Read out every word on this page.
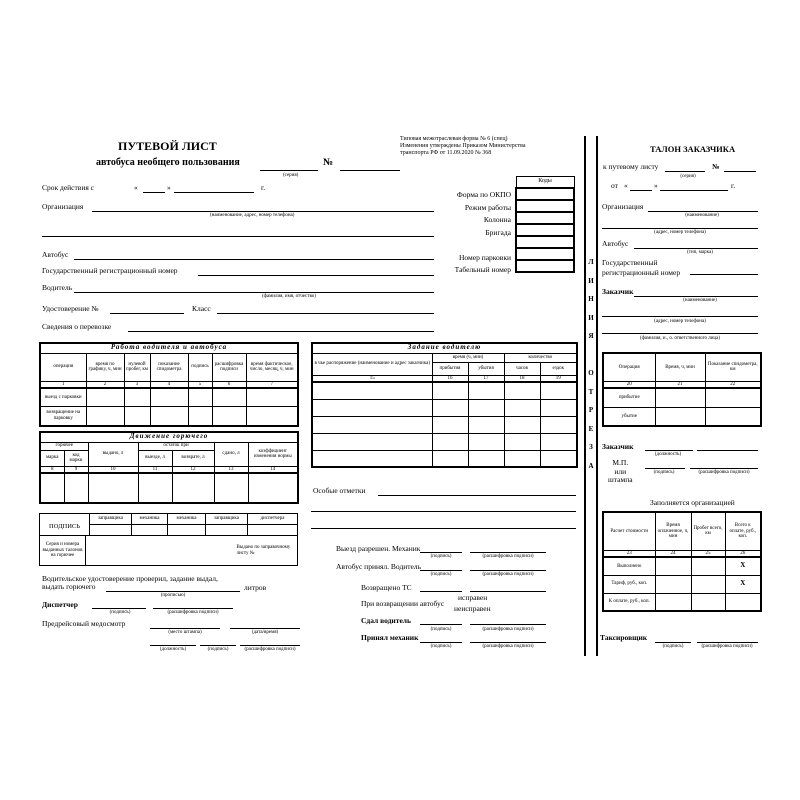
ПУТЕВОЙ ЛИСТ
автобуса необщего пользования	№
(серия)
Типовая межотраслевая форма № 6 (спец)
Изменения утверждены Приказом Министерства
транспорта РФ от 11.09.2020 № 368
Срок действия с	«	»	г.
Организация
(наименование, адрес, номер телефона)
Автобус
Государственный регистрационный номер
Водитель
(фамилия, имя, отчество)
Удостоверение №	Класс
Сведения о перевозке
Форма по ОКПО
Режим работы
Колонна
Бригада

Номер парковки
Табельный номер
Коды

Работа водителя и автобуса						
операция	время по графику, ч, мин	нулевой пробег, км	показание спидометра	подпись	расшифровка подписи	время фактическое, число, месяц, ч, мин
1	2	3	4	5	6	7
выезд с парковки						
возвращение на парковку						
Движение горючего						
горючее		выдано, л	остаток при		сдано, л	коэффициент изменения нормы
марка	код марки		выезде, л	возврате, л		
8	9	10	11	12	13	14

ПОДПИСЬ	заправщика	механика	механика	заправщика	диспетчера

Серия и номера выданных талонов на горючее		Выдано по заправочному листу №
Задание водителю				
в чье распоряжение (наименование и адрес заказчика)	время (ч, мин)		количество	
	прибытия	убытия	часов	ездок
15	16	17	18	19

Особые отметки
Водительское удостоверение проверил, задание выдал,
выдать горючего	литров
(прописью)
Диспетчер
(подпись)	(расшифровка подписи)
Предрейсовый медосмотр
(место штампа)	(дата/время)
(должность)	(подпись)	(расшифровка подписи)
Выезд разрешен. Механик
(подпись)	(расшифровка подписи)
Автобус принял. Водитель
(подпись)	(расшифровка подписи)
Возвращено ТС
При возвращении автобус
исправен
неисправен
Сдал водитель
(подпись)	(расшифровка подписи)
Принял механик
(подпись)	(расшифровка подписи)
Л
И
Н
И
Я

О
Т
Р
Е
З
А
ТАЛОН ЗАКАЗЧИКА
к путевому листу	№
(серия)
от «	»	г.
Организация
(наименование)
(адрес, номер телефона)
Автобус
(тип, марка)
Государственный
регистрационный номер
Заказчик
(наименование)
(адрес, номер телефона)
(фамилия, и., о. ответственного лица)
Операция	Время, ч, мин	Показание спидометра, км
20	21	22
прибытие		
убытие		
Заказчик
(должность)
М.П.
или
штампа
(подпись)	(расшифровка подписи)
Заполняется организацией
Расчет стоимости	Время оплаченное, ч, мин	Пробег всего, км	Всего к оплате, руб., коп.
23	24	25	26
Выполнено			Х
Тариф, руб., коп.			Х
К оплате, руб., коп.			
Таксировщик
(подпись)	(расшифровка подписи)
